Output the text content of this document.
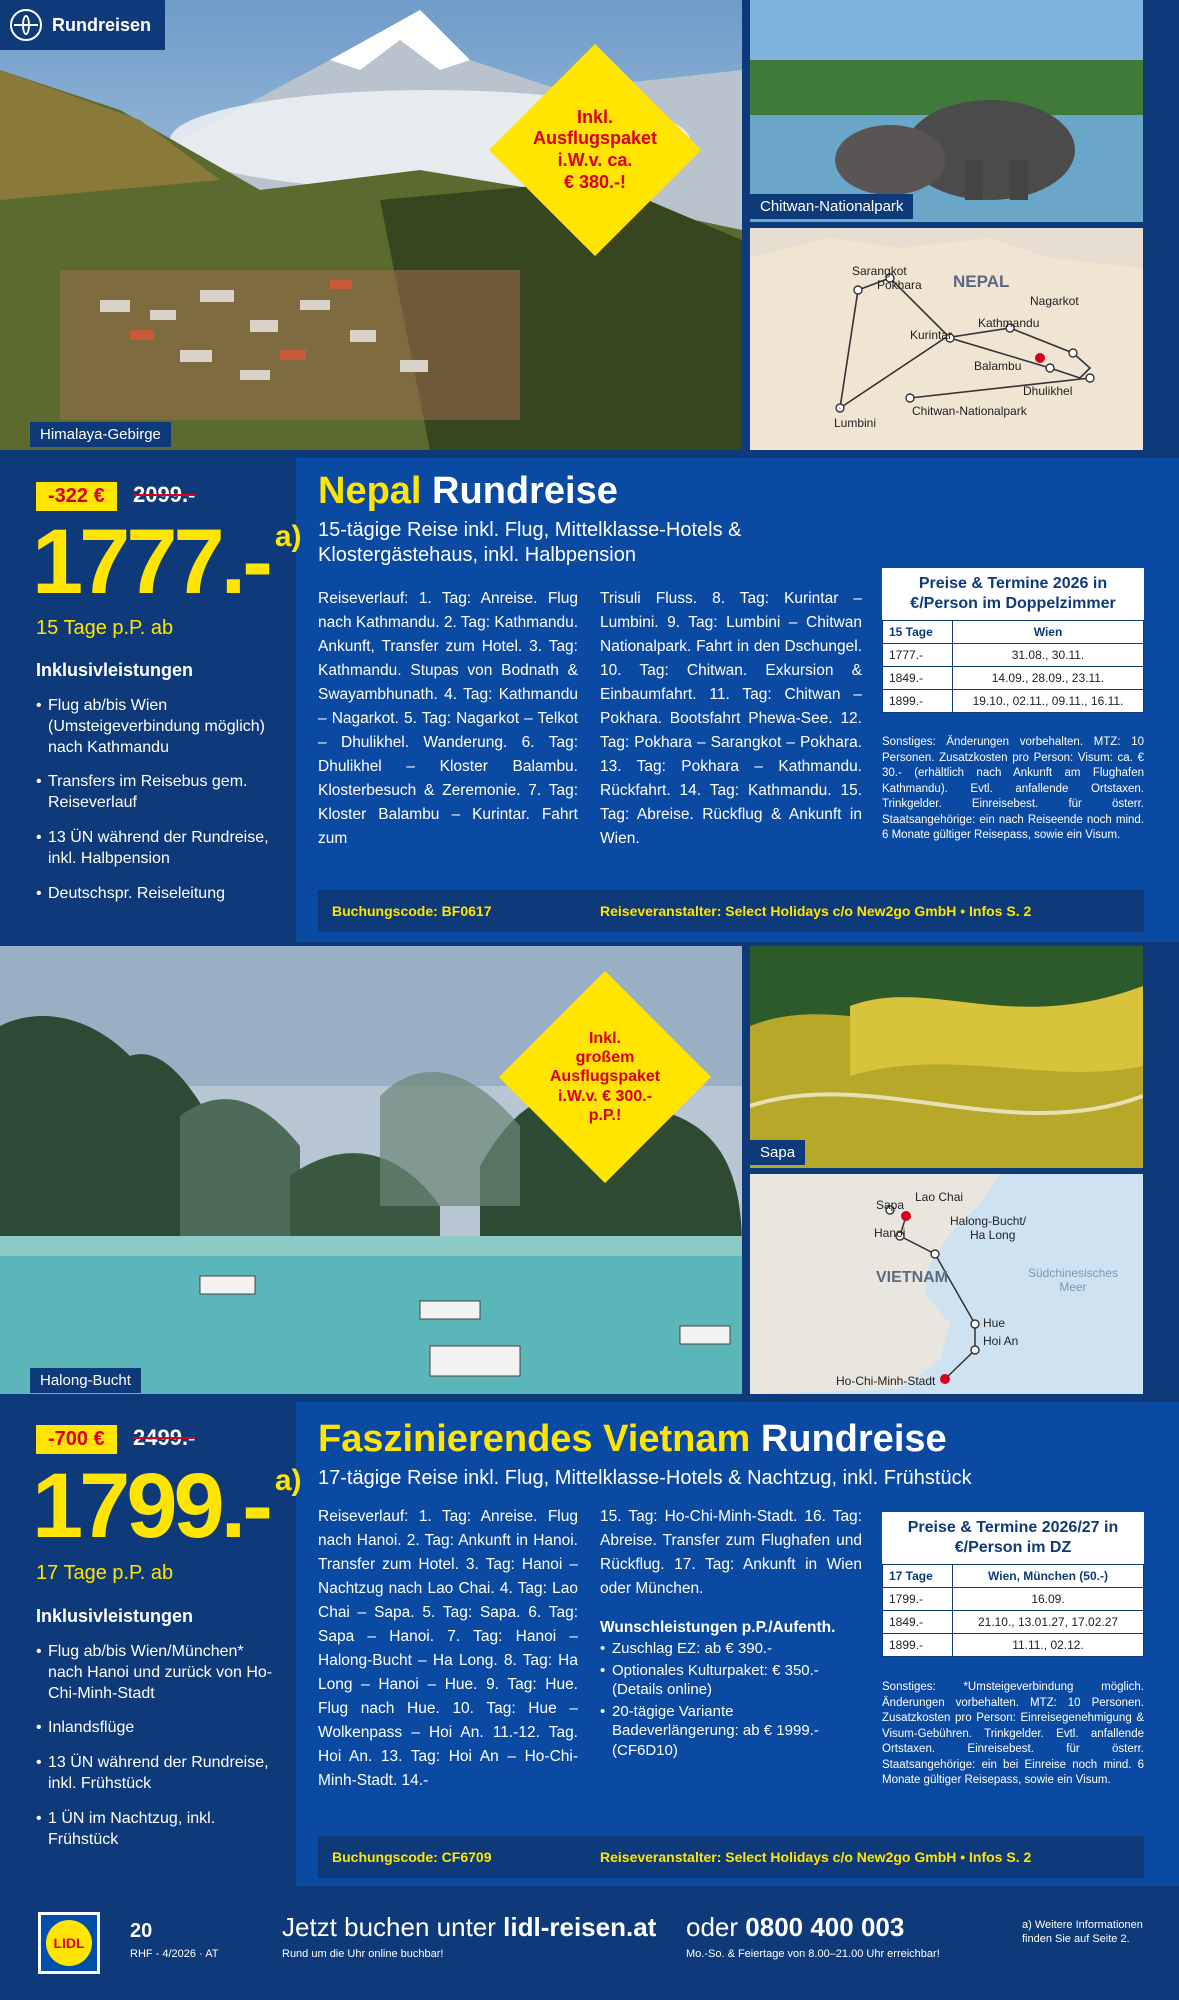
Rundreisen
Inkl.
Ausflugspaket
i.W.v. ca.
€ 380.-!
Himalaya-Gebirge
Chitwan-Nationalpark
NEPAL
Sarangkot
Pokhara
Nagarkot
Kurintar
Kathmandu
Balambu
Dhulikhel
Lumbini
Chitwan-Nationalpark
-322 €	2099.-
1777.- $^{a)}$
15 Tage p.P. ab
Inklusivleistungen
• Flug ab/bis Wien (Umsteigeverbindung möglich) nach Kathmandu
• Transfers im Reisebus gem. Reiseverlauf
• 13 ÜN während der Rundreise, inkl. Halbpension
• Deutschspr. Reiseleitung
Nepal Rundreise
15-tägige Reise inkl. Flug, Mittelklasse-Hotels & Klostergästehaus, inkl. Halbpension
Reiseverlauf: 1. Tag: Anreise. Flug nach Kathmandu. 2. Tag: Kathmandu. Ankunft, Transfer zum Hotel. 3. Tag: Kathmandu. Stupas von Bodnath & Swayambhunath. 4. Tag: Kathmandu – Nagarkot. 5. Tag: Nagarkot – Telkot – Dhulikhel. Wanderung. 6. Tag: Dhulikhel – Kloster Balambu. Klosterbesuch & Zeremonie. 7. Tag: Kloster Balambu – Kurintar. Fahrt zum
Trisuli Fluss. 8. Tag: Kurintar – Lumbini. 9. Tag: Lumbini – Chitwan Nationalpark. Fahrt in den Dschungel. 10. Tag: Chitwan. Exkursion & Einbaumfahrt. 11. Tag: Chitwan – Pokhara. Bootsfahrt Phewa-See. 12. Tag: Pokhara – Sarangkot – Pokhara. 13. Tag: Pokhara – Kathmandu. Rückfahrt. 14. Tag: Kathmandu. 15. Tag: Abreise. Rückflug & Ankunft in Wien.
Preise & Termine 2026 in €/Person im Doppelzimmer
15 Tage	Wien
1777.-	31.08., 30.11.
1849.-	14.09., 28.09., 23.11.
1899.-	19.10., 02.11., 09.11., 16.11.
Sonstiges: Änderungen vorbehalten. MTZ: 10 Personen. Zusatzkosten pro Person: Visum: ca. € 30.- (erhältlich nach Ankunft am Flughafen Kathmandu). Evtl. anfallende Ortstaxen. Trinkgelder. Einreisebest. für österr. Staatsangehörige: ein nach Reiseende noch mind. 6 Monate gültiger Reisepass, sowie ein Visum.
Buchungscode: BF0617	Reiseveranstalter: Select Holidays c/o New2go GmbH • Infos S. 2
Inkl.
großem
Ausflugspaket
i.W.v. € 300.-
p.P.!
Halong-Bucht
Sapa
VIETNAM	Südchinesisches Meer
Sapa
Lao Chai
Hanoi
Halong-Bucht/
Ha Long
Hue
Hoi An
Ho-Chi-Minh-Stadt
-700 €	2499.-
1799.- $^{a)}$
17 Tage p.P. ab
Inklusivleistungen
• Flug ab/bis Wien/München* nach Hanoi und zurück von Ho-Chi-Minh-Stadt
• Inlandsflüge
• 13 ÜN während der Rundreise, inkl. Frühstück
• 1 ÜN im Nachtzug, inkl. Frühstück
Faszinierendes Vietnam Rundreise
17-tägige Reise inkl. Flug, Mittelklasse-Hotels & Nachtzug, inkl. Frühstück
Reiseverlauf: 1. Tag: Anreise. Flug nach Hanoi. 2. Tag: Ankunft in Hanoi. Transfer zum Hotel. 3. Tag: Hanoi – Nachtzug nach Lao Chai. 4. Tag: Lao Chai – Sapa. 5. Tag: Sapa. 6. Tag: Sapa – Hanoi. 7. Tag: Hanoi – Halong-Bucht – Ha Long. 8. Tag: Ha Long – Hanoi – Hue. 9. Tag: Hue. Flug nach Hue. 10. Tag: Hue – Wolkenpass – Hoi An. 11.-12. Tag. Hoi An. 13. Tag: Hoi An – Ho-Chi- Minh-Stadt. 14.-
15. Tag: Ho-Chi-Minh-Stadt. 16. Tag: Abreise. Transfer zum Flughafen und Rückflug. 17. Tag: Ankunft in Wien oder München.
Wunschleistungen p.P./Aufenth.
• Zuschlag EZ: ab € 390.-
• Optionales Kulturpaket: € 350.- (Details online)
• 20-tägige Variante Badeverlängerung: ab € 1999.- (CF6D10)
Preise & Termine 2026/27 in €/Person im DZ
17 Tage	Wien, München (50.-)
1799.-	16.09.
1849.-	21.10., 13.01.27, 17.02.27
1899.-	11.11., 02.12.
Sonstiges: *Umsteigeverbindung möglich. Änderungen vorbehalten. MTZ: 10 Personen. Zusatzkosten pro Person: Einreisegenehmigung & Visum-Gebühren. Trinkgelder. Evtl. anfallende Ortstaxen. Einreisebest. für österr. Staatsangehörige: ein bei Einreise noch mind. 6 Monate gültiger Reisepass, sowie ein Visum.
Buchungscode: CF6709	Reiseveranstalter: Select Holidays c/o New2go GmbH • Infos S. 2
LIDL
20
RHF - 4/2026 · AT
Jetzt buchen unter lidl-reisen.at
Rund um die Uhr online buchbar!
oder 0800 400 003
Mo.-So. & Feiertage von 8.00–21.00 Uhr erreichbar!
a) Weitere Informationen finden Sie auf Seite 2.
